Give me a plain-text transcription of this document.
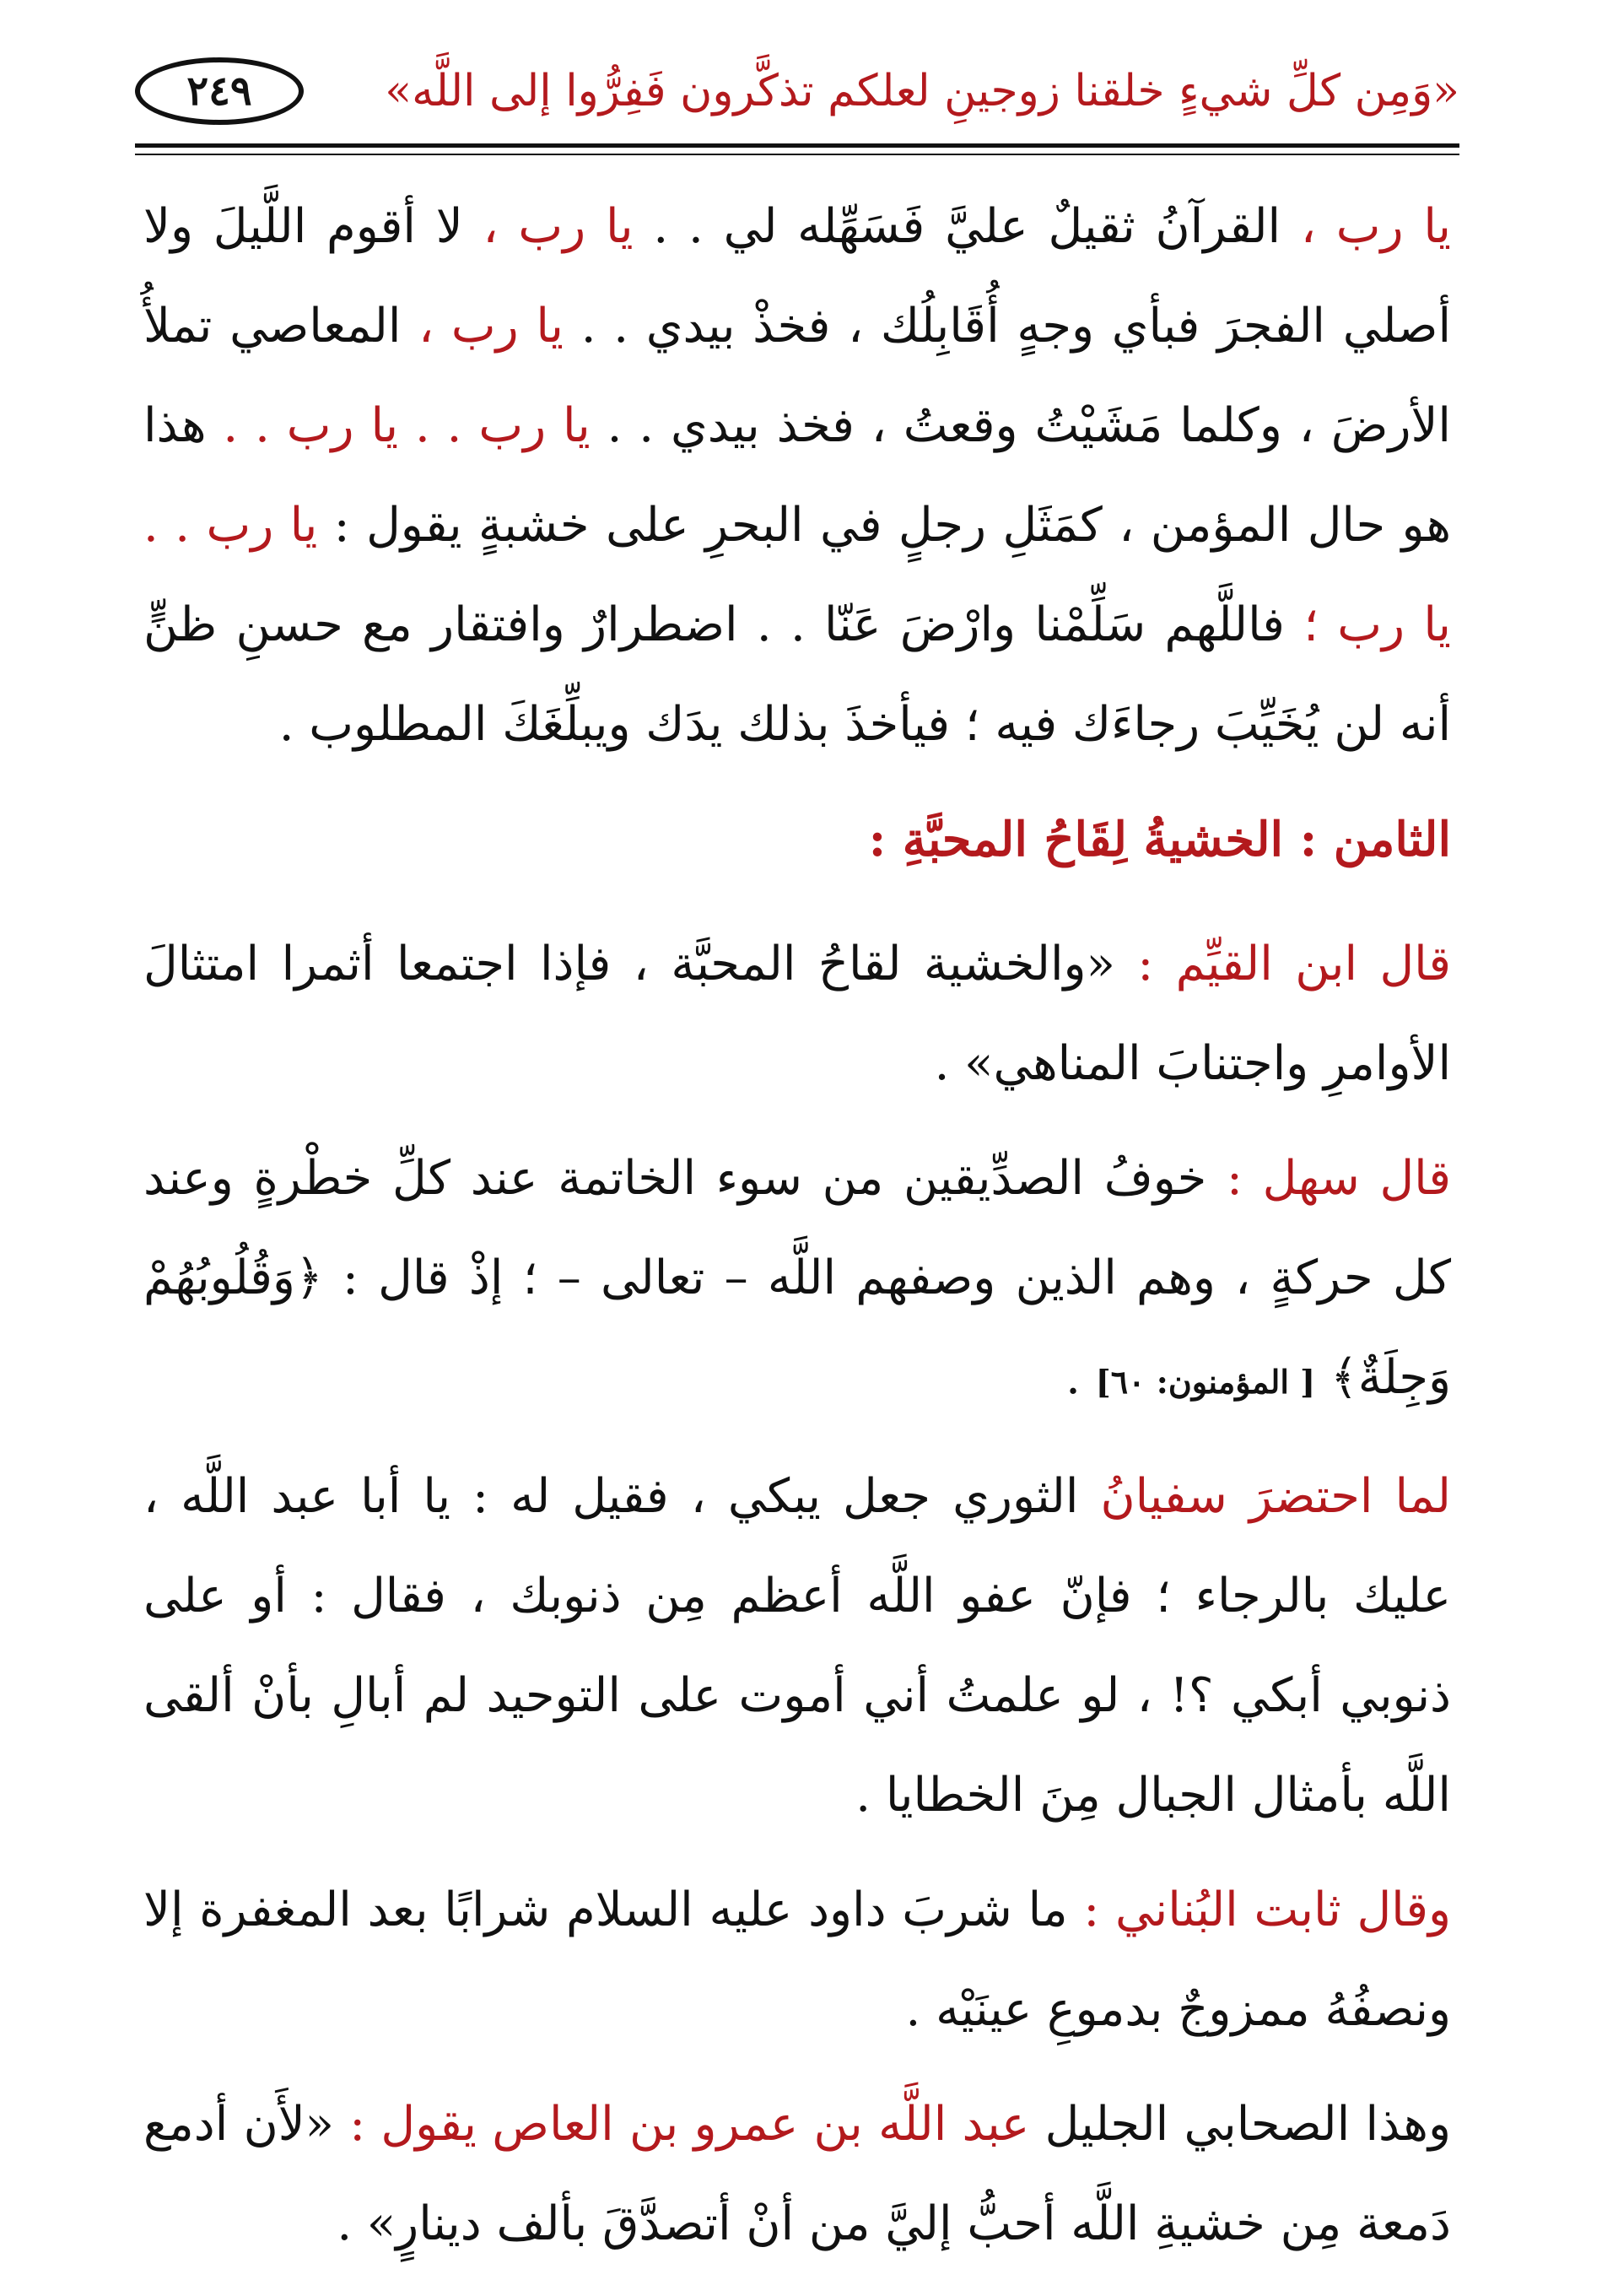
«وَمِن كلِّ شيءٍ خلقنا زوجينِ لعلكم تذكَّرون فَفِرُّوا إلى اللَّه»
٢٤٩

يا رب ، القرآنُ ثقيلٌ عليَّ فَسَهِّله لي . . يا رب ، لا أقوم اللَّيلَ ولا أصلي الفجرَ فبأي وجهٍ أُقَابِلُك ، فخذْ بيدي . . يا رب ، المعاصي تملأُ الأرضَ ، وكلما مَشَيْتُ وقعتُ ، فخذ بيدي . . يا رب . . يا رب . . هذا هو حال المؤمن ، كمَثَلِ رجلٍ في البحرِ على خشبةٍ يقول : يا رب . . يا رب ؛ فاللَّهم سَلِّمْنا وارْضَ عَنّا . . اضطرارٌ وافتقار مع حسنِ ظنٍّ أنه لن يُخَيِّبَ رجاءَك فيه ؛ فيأخذَ بذلك يدَك ويبلِّغَكَ المطلوب .

الثامن : الخشيةُ لِقَاحُ المحبَّةِ :

قال ابن القيِّم : «والخشية لقاحُ المحبَّة ، فإذا اجتمعا أثمرا امتثالَ الأوامرِ واجتنابَ المناهي» .

قال سهل : خوفُ الصدِّيقين من سوء الخاتمة عند كلِّ خطْرةٍ وعند كل حركةٍ ، وهم الذين وصفهم اللَّه – تعالى – ؛ إذْ قال : ﴿وَقُلُوبُهُمْ وَجِلَةٌ﴾ [ المؤمنون: ٦٠] .

لما احتضرَ سفيانُ الثوري جعل يبكي ، فقيل له : يا أبا عبد اللَّه ، عليك بالرجاء ؛ فإنّ عفو اللَّه أعظم مِن ذنوبك ، فقال : أو على ذنوبي أبكي ؟! ، لو علمتُ أني أموت على التوحيد لم أبالِ بأنْ ألقى اللَّه بأمثال الجبال مِنَ الخطايا .

وقال ثابت البُناني : ما شربَ داود عليه السلام شرابًا بعد المغفرة إلا ونصفُهُ ممزوجٌ بدموعِ عينَيْه .

وهذا الصحابي الجليل عبد اللَّه بن عمرو بن العاص يقول : «لأَن أدمع دَمعة مِن خشيةِ اللَّه أحبُّ إليَّ من أنْ أتصدَّقَ بألف دينارٍ» .
